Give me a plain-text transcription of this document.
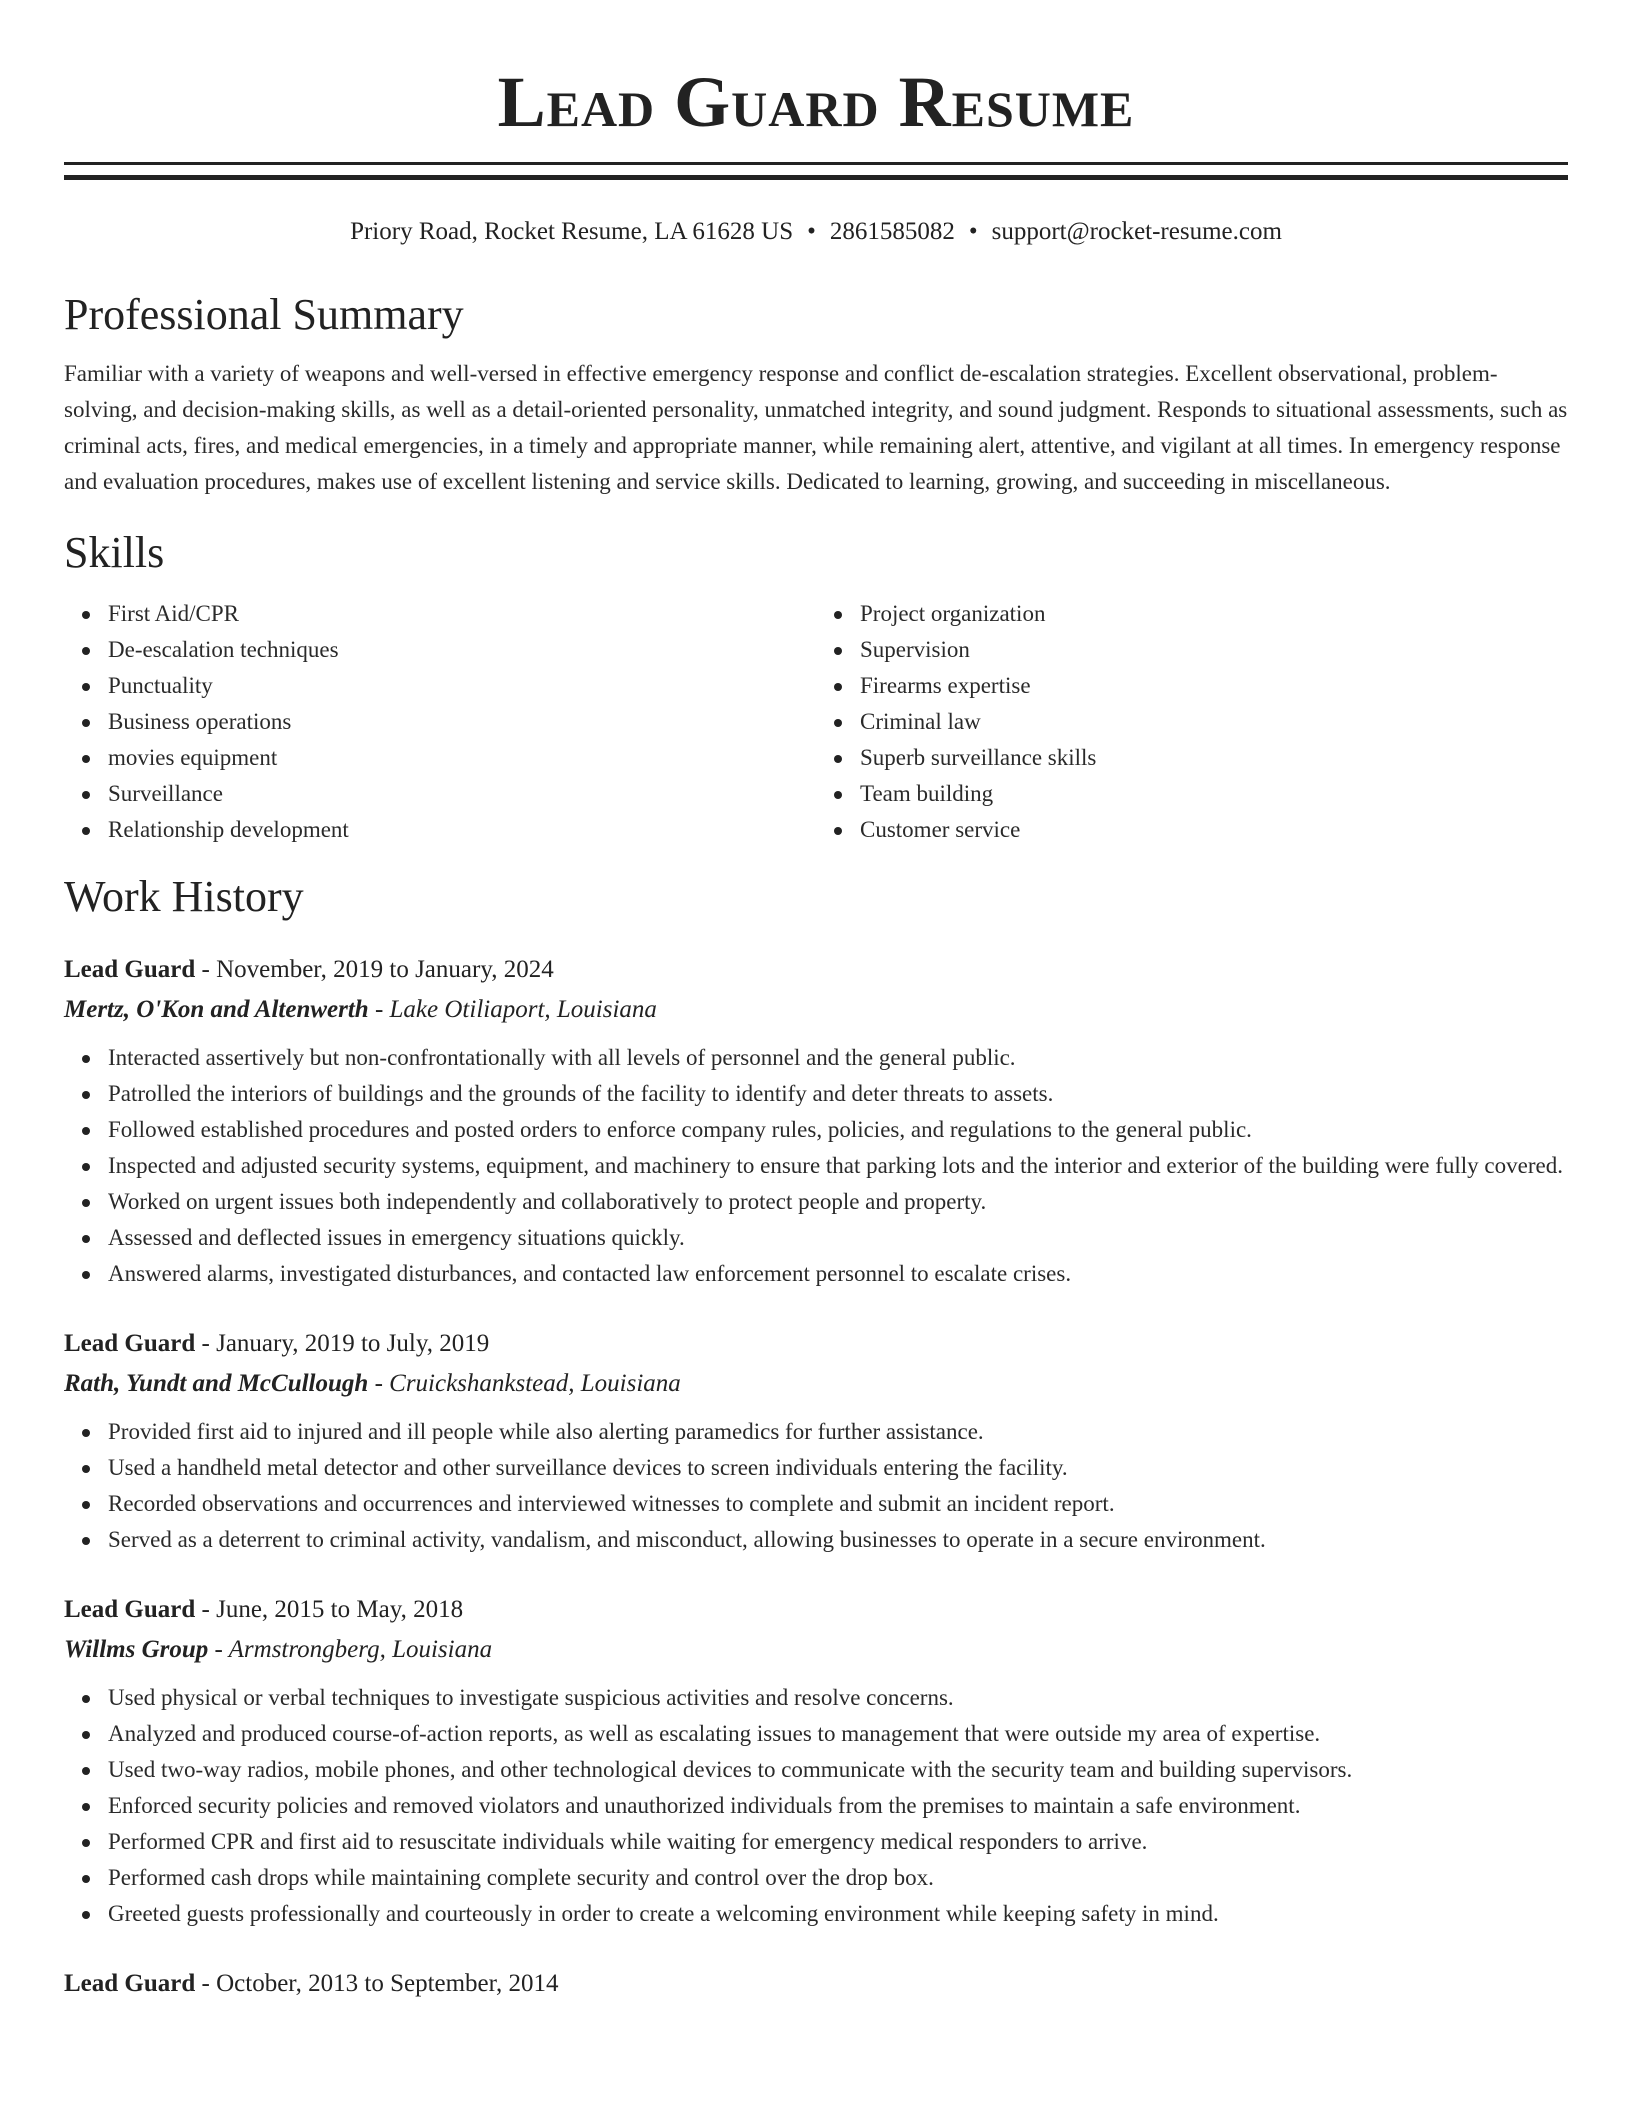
Lead Guard Resume
Priory Road, Rocket Resume, LA 61628 US • 2861585082 • support@rocket-resume.com
Professional Summary

Familiar with a variety of weapons and well-versed in effective emergency response and conflict de-escalation strategies. Excellent observational, problem-solving, and decision-making skills, as well as a detail-oriented personality, unmatched integrity, and sound judgment. Responds to situational assessments, such as criminal acts, fires, and medical emergencies, in a timely and appropriate manner, while remaining alert, attentive, and vigilant at all times. In emergency response and evaluation procedures, makes use of excellent listening and service skills. Dedicated to learning, growing, and succeeding in miscellaneous.

Skills
First Aid/CPR
De-escalation techniques
Punctuality
Business operations
movies equipment
Surveillance
Relationship development
Project organization
Supervision
Firearms expertise
Criminal law
Superb surveillance skills
Team building
Customer service
Work History
Lead Guard - November, 2019 to January, 2024
Mertz, O'Kon and Altenwerth - Lake Otiliaport, Louisiana
Interacted assertively but non-confrontationally with all levels of personnel and the general public.
Patrolled the interiors of buildings and the grounds of the facility to identify and deter threats to assets.
Followed established procedures and posted orders to enforce company rules, policies, and regulations to the general public.
Inspected and adjusted security systems, equipment, and machinery to ensure that parking lots and the interior and exterior of the building were fully covered.
Worked on urgent issues both independently and collaboratively to protect people and property.
Assessed and deflected issues in emergency situations quickly.
Answered alarms, investigated disturbances, and contacted law enforcement personnel to escalate crises.
Lead Guard - January, 2019 to July, 2019
Rath, Yundt and McCullough - Cruickshankstead, Louisiana
Provided first aid to injured and ill people while also alerting paramedics for further assistance.
Used a handheld metal detector and other surveillance devices to screen individuals entering the facility.
Recorded observations and occurrences and interviewed witnesses to complete and submit an incident report.
Served as a deterrent to criminal activity, vandalism, and misconduct, allowing businesses to operate in a secure environment.
Lead Guard - June, 2015 to May, 2018
Willms Group - Armstrongberg, Louisiana
Used physical or verbal techniques to investigate suspicious activities and resolve concerns.
Analyzed and produced course-of-action reports, as well as escalating issues to management that were outside my area of expertise.
Used two-way radios, mobile phones, and other technological devices to communicate with the security team and building supervisors.
Enforced security policies and removed violators and unauthorized individuals from the premises to maintain a safe environment.
Performed CPR and first aid to resuscitate individuals while waiting for emergency medical responders to arrive.
Performed cash drops while maintaining complete security and control over the drop box.
Greeted guests professionally and courteously in order to create a welcoming environment while keeping safety in mind.
Lead Guard - October, 2013 to September, 2014
